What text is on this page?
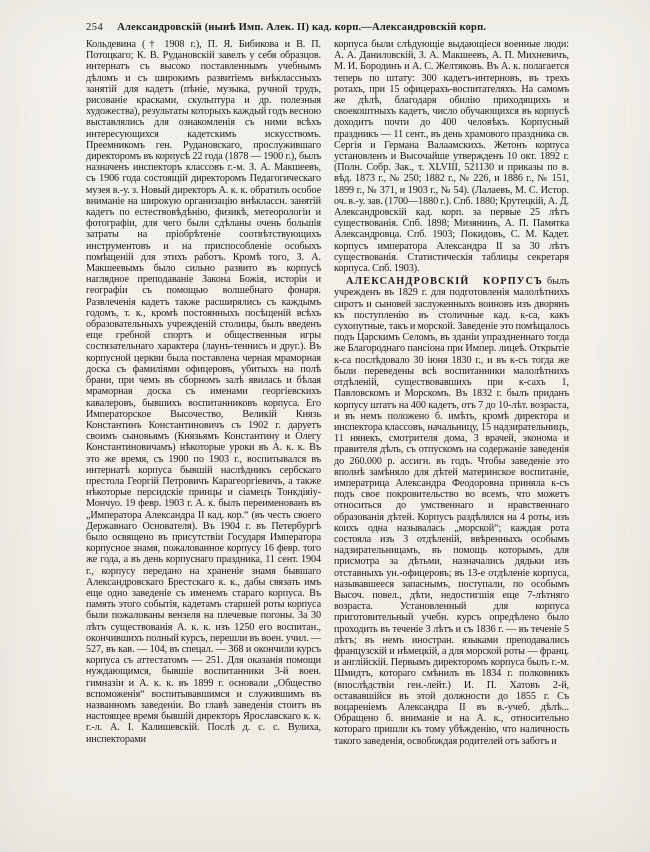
254 Александровскій (нынѣ Имп. Алек. II) кад. корп.—Александровскій корп.

Кольдевина († 1908 г.), П. Я. Бибикова и В. П. Потоцкаго; К. В. Рудановскій завелъ у себя образцов. интернатъ съ высоко поставленнымъ учебнымъ дѣломъ и съ широкимъ развитіемъ внѣклассныхъ занятій для кадетъ (пѣніе, музыка, ручной трудъ, рисованіе красками, скульптура и др. полезныя художества), результаты которыхъ каждый годъ весною выставлялись для ознакомленія съ ними всѣхъ интересующихся кадетскимъ искусствомъ. Преемникомъ ген. Рудановскаго, прослужившаго директоромъ въ корпусѣ 22 года (1878 — 1900 г.), былъ назначенъ инспекторъ классовъ г.-м. З. А. Макшеевъ, съ 1906 года состоящій директоромъ Педагогическаго музея в.-у. з. Новый директоръ А. к. к. обратилъ особое вниманіе на широкую организацію внѣклассн. занятій кадетъ по естествовѣдѣнію, физикѣ, метеорологіи и фотографіи, для чего были сдѣланы очень большія затраты на пріобрѣтеніе соотвѣтствующихъ инструментовъ и на приспособленіе особыхъ помѣщеній для этихъ работъ. Кромѣ того, З. А. Макшеевымъ было сильно развито въ корпусѣ наглядное преподаваніе Закона Божія, исторіи и географіи съ помощью волшебнаго фонаря. Развлеченія кадетъ также расширялись съ каждымъ годомъ, т. к., кромѣ постоянныхъ посѣщеній всѣхъ образовательныхъ учрежденій столицы, былъ введенъ еще гребной спортъ и общественныя игры состязательнаго характера (лаунъ-теннисъ и друг.). Въ корпусной церкви была поставлена черная мраморная доска съ фамиліями офицеровъ, убитыхъ на полѣ брани, при чемъ въ сборномъ залѣ явилась и бѣлая мраморная доска съ именами георгіевскихъ кавалеровъ, бывшихъ воспитанниковъ корпуса. Его Императорское Высочество, Великій Князь Константинъ Константиновичъ съ 1902 г. даруетъ своимъ сыновьямъ (Князьямъ Константину и Олегу Константиновичамъ) нѣкоторые уроки въ А. к. к. Въ это же время, съ 1900 по 1903 г., воспитывался въ интернатѣ корпуса бывшій наслѣдникъ сербскаго престола Георгій Петровичъ Карагеоргіевичъ, а также нѣкоторые персидскіе принцы и сіамецъ Тонкдіяіу-Мончуо. 19 февр. 1903 г. А. к. былъ переименованъ въ „Императора Александра II кад. кор.“ (въ честь своего Державнаго Основателя). Въ 1904 г. въ Петербургѣ было освящено въ присутствіи Государя Императора корпусное знамя, пожалованное корпусу 16 февр. того же года, а въ день корпуснаго праздника, 11 сент. 1904 г., корпусу передано на храненіе знамя бывшаго Александровскаго Брестскаго к. к., дабы связать имъ еще одно заведеніе съ именемъ стараго корпуса. Въ память этого событія, кадетамъ старшей роты корпуса были пожалованы вензеля на плечевые погоны. За 30 лѣтъ существованія А. к. к. изъ 1250 его воспитан., окончившихъ полный курсъ, перешли въ воен. учил. — 527, въ кав. — 104, въ спецал. — 368 и окончили курсъ корпуса съ аттестатомъ — 251. Для оказанія помощи нуждающимся, бывшіе воспитанники 3-й воен. гимназіи и А. к. к. въ 1899 г. основали „Общество вспоможенія“ воспитывавшимся и служившимъ въ названномъ заведеніи. Во главѣ заведенія стоитъ въ настоящее время бывшій директоръ Ярославскаго к. к. г.-л. А. І. Калишевскій. Послѣ д. с. с. Вулиха, инспекторами

корпуса были слѣдующіе выдающіеся военные люди: А. А. Даниловскій, З. А. Макшеевъ, А. П. Михневичъ, М. И. Бородинъ и А. С. Желтяковъ. Въ А. к. полагается теперь по штату: 300 кадетъ-интерновъ, въ трехъ ротахъ, при 15 офицерахъ-воспитателяхъ. На самомъ же дѣлѣ, благодаря обилію приходящихъ и своекоштныхъ кадетъ, число обучающихся въ корпусѣ доходитъ почти до 400 человѣкъ. Корпусный праздникъ — 11 сент., въ день храмового праздника св. Сергія и Германа Валаамскихъ. Жетонъ корпуса установленъ и Высочайше утвержденъ 10 окт. 1892 г. (Полн. Собр. Зак., т. XLVIII, 521130 и приказы по в. вѣд. 1873 г., № 250; 1882 г., № 226, и 1886 г., № 151, 1899 г., № 371, и 1903 г., № 54). (Лалаевъ, М. С. Истор. оч. в.-у. зав. (1700—1880 г.). Спб. 1880; Крутецкій, А. Д. Александровскій кад. корп. за первые 25 лѣтъ существованія. Спб. 1898; Мизянинъ, А. П. Памятка Александровца. Спб. 1903; Покидовъ, С. М. Кадет. корпусъ императора Александра II за 30 лѣтъ существованія. Статистическія таблицы секретаря корпуса. Спб. 1903).

АЛЕКСАНДРОВСКІЙ КОРПУСЪ былъ учрежденъ въ 1829 г. для подготовленія малолѣтнихъ сиротъ и сыновей заслуженныхъ воиновъ изъ дворянъ къ поступленію въ столичные кад. к-са, какъ сухопутные, такъ и морской. Заведеніе это помѣщалось подъ Царскимъ Селомъ, въ зданіи упраздненнаго тогда же Благороднаго пансіона при Импер. лицеѣ. Открытіе к-са послѣдовало 30 іюня 1830 г., и въ к-съ тогда же были переведены всѣ воспитанники малолѣтнихъ отдѣленій, существовавшихъ при к-сахъ 1, Павловскомъ и Морскомъ. Въ 1832 г. былъ приданъ корпусу штатъ на 400 кадетъ, отъ 7 до 10-лѣт. возраста, и въ немъ положено б. имѣть, кромѣ директора и инспектора классовъ, начальницу, 15 надзирательницъ, 11 нянекъ, смотрителя дома, 3 врачей, эконома и правителя дѣлъ, съ отпускомъ на содержаніе заведенія до 260.000 р. ассигн. въ годъ. Чтобы заведеніе это вполнѣ замѣняло для дѣтей материнское воспитаніе, императрица Александра Феодоровна приняла к-съ подъ свое покровительство во всемъ, что можетъ относиться до умственнаго и нравственнаго образованія дѣтей. Корпусъ раздѣлялся на 4 роты, изъ коихъ одна называлась „морской“; каждая рота состояла изъ 3 отдѣленій, ввѣренныхъ особымъ надзирательницамъ, въ помощь которымъ, для присмотра за дѣтьми, назначались дядьки изъ отставныхъ ун.-офицеровъ; въ 13-е отдѣленіе корпуса, называвшееся запаснымъ, поступали, по особымъ Высоч. повел., дѣти, недостигшія еще 7-лѣтняго возраста. Установленный для корпуса приготовительный учебн. курсъ опредѣлено было проходить въ теченіе 3 лѣтъ и съ 1836 г. — въ теченіе 5 лѣтъ; въ немъ иностран. языками преподавались французскій и нѣмецкій, а для морской роты — франц. и англійскій. Первымъ директоромъ корпуса былъ г.-м. Шмидтъ, котораго смѣнилъ въ 1834 г. полковникъ (впослѣдствіи ген.-лейт.) И. П. Хатовъ 2-й, остававшійся въ этой должности до 1855 г. Съ воцареніемъ Александра II въ в.-учеб. дѣлѣ... Обращено б. вниманіе и на А. к., относительно котораго пришли къ тому убѣжденію, что наличность такого заведенія, освобождая родителей отъ заботъ и
